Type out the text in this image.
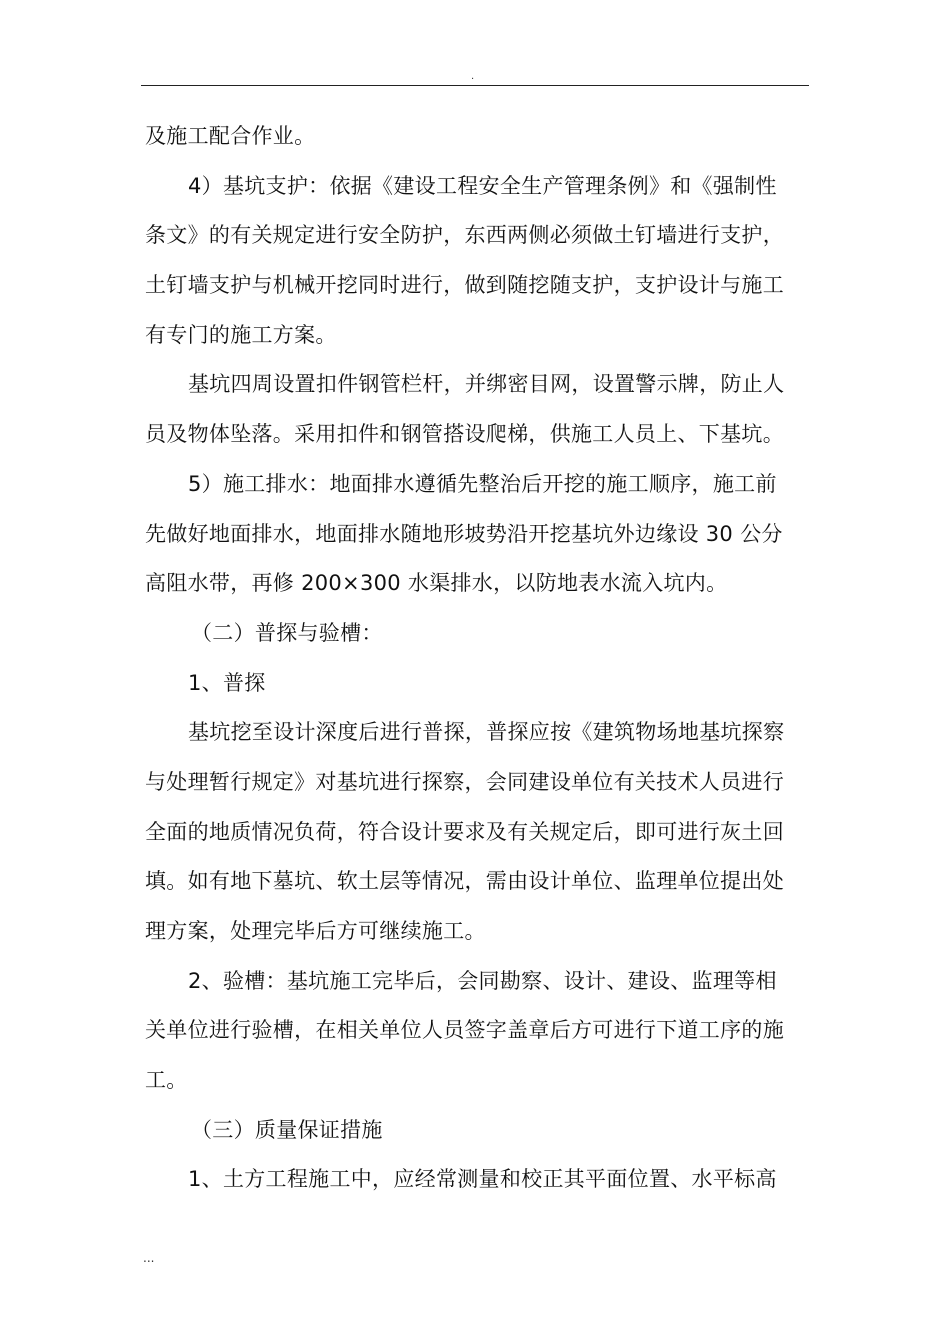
.
及施工配合作业。
4）基坑支护：依据《建设工程安全生产管理条例》和《强制性
条文》的有关规定进行安全防护，东西两侧必须做土钉墙进行支护，
土钉墙支护与机械开挖同时进行，做到随挖随支护，支护设计与施工
有专门的施工方案。
基坑四周设置扣件钢管栏杆，并绑密目网，设置警示牌，防止人
员及物体坠落。采用扣件和钢管搭设爬梯，供施工人员上、下基坑。
5）施工排水：地面排水遵循先整治后开挖的施工顺序，施工前
先做好地面排水，地面排水随地形坡势沿开挖基坑外边缘设 30 公分
高阻水带，再修 200×300 水渠排水，以防地表水流入坑内。
（二）普探与验槽：
1、普探
基坑挖至设计深度后进行普探，普探应按《建筑物场地基坑探察
与处理暂行规定》对基坑进行探察，会同建设单位有关技术人员进行
全面的地质情况负荷，符合设计要求及有关规定后，即可进行灰土回
填。如有地下墓坑、软土层等情况，需由设计单位、监理单位提出处
理方案，处理完毕后方可继续施工。
2、验槽：基坑施工完毕后，会同勘察、设计、建设、监理等相
关单位进行验槽，在相关单位人员签字盖章后方可进行下道工序的施
工。
（三）质量保证措施
1、土方工程施工中，应经常测量和校正其平面位置、水平标高
...
